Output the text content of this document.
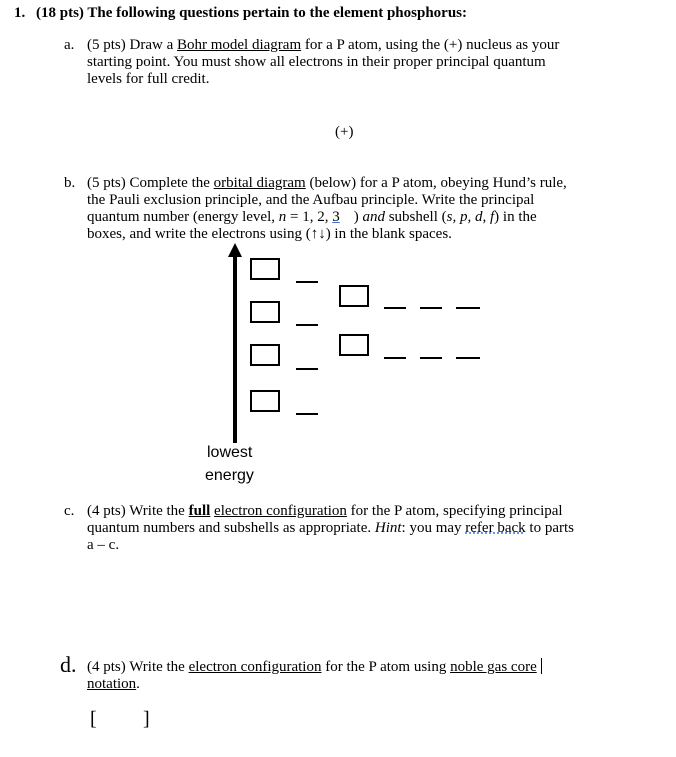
1. (18 pts) The following questions pertain to the element phosphorus:
a. (5 pts) Draw a Bohr model diagram for a P atom, using the (+) nucleus as your
starting point. You must show all electrons in their proper principal quantum
levels for full credit.
(+)
b. (5 pts) Complete the orbital diagram (below) for a P atom, obeying Hund’s rule,
the Pauli exclusion principle, and the Aufbau principle. Write the principal
quantum number (energy level, n = 1, 2, 3 ) and subshell (s, p, d, f) in the
boxes, and write the electrons using (↑↓) in the blank spaces.
lowest
energy
c. (4 pts) Write the full electron configuration for the P atom, specifying principal
quantum numbers and subshells as appropriate. Hint: you may refer back to parts
a – c.
d. (4 pts) Write the electron configuration for the P atom using noble gas core
notation.
[ ]
